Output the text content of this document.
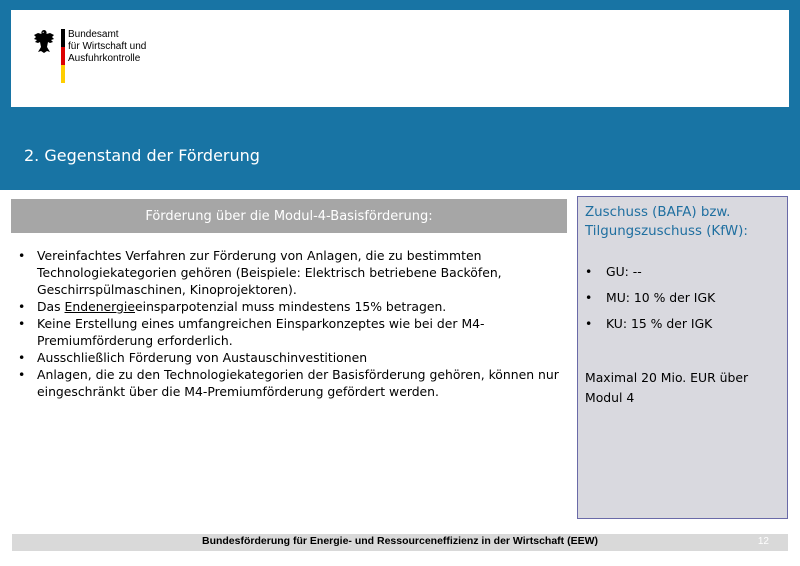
Bundesamt
für Wirtschaft und
Ausfuhrkontrolle
2. Gegenstand der Förderung
Förderung über die Modul-4-Basisförderung:
• Vereinfachtes Verfahren zur Förderung von Anlagen, die zu bestimmten Technologiekategorien gehören (Beispiele: Elektrisch betriebene Backöfen, Geschirrspülmaschinen, Kinoprojektoren).
• Das Endenergieeinsparpotenzial muss mindestens 15% betragen.
• Keine Erstellung eines umfangreichen Einsparkonzeptes wie bei der M4-Premiumförderung erforderlich.
• Ausschließlich Förderung von Austauschinvestitionen
• Anlagen, die zu den Technologiekategorien der Basisförderung gehören, können nur eingeschränkt über die M4-Premiumförderung gefördert werden.
Zuschuss (BAFA) bzw. Tilgungszuschuss (KfW):
• GU: --
• MU: 10 % der IGK
• KU: 15 % der IGK
Maximal 20 Mio. EUR über Modul 4
Bundesförderung für Energie- und Ressourceneffizienz in der Wirtschaft (EEW)	12
